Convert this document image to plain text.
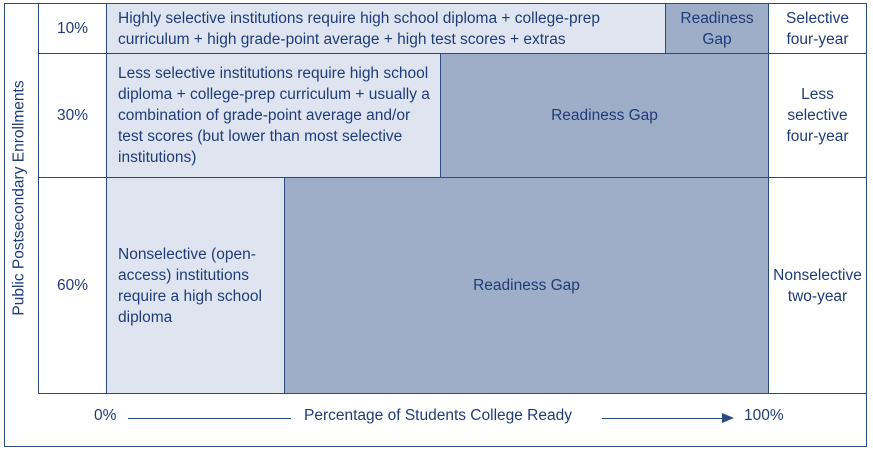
Public Postsecondary Enrollments
10%
Highly selective institutions require high school diploma + college-prep curriculum + high grade-point average + high test scores + extras
Readiness Gap
Selective four-year
30%
Less selective institutions require high school diploma + college-prep curriculum + usually a combination of grade-point average and/or test scores (but lower than most selective institutions)
Readiness Gap
Less selective four-year
60%
Nonselective (open-access) institutions require a high school diploma
Readiness Gap
Nonselective two-year
0%	Percentage of Students College Ready	100%
